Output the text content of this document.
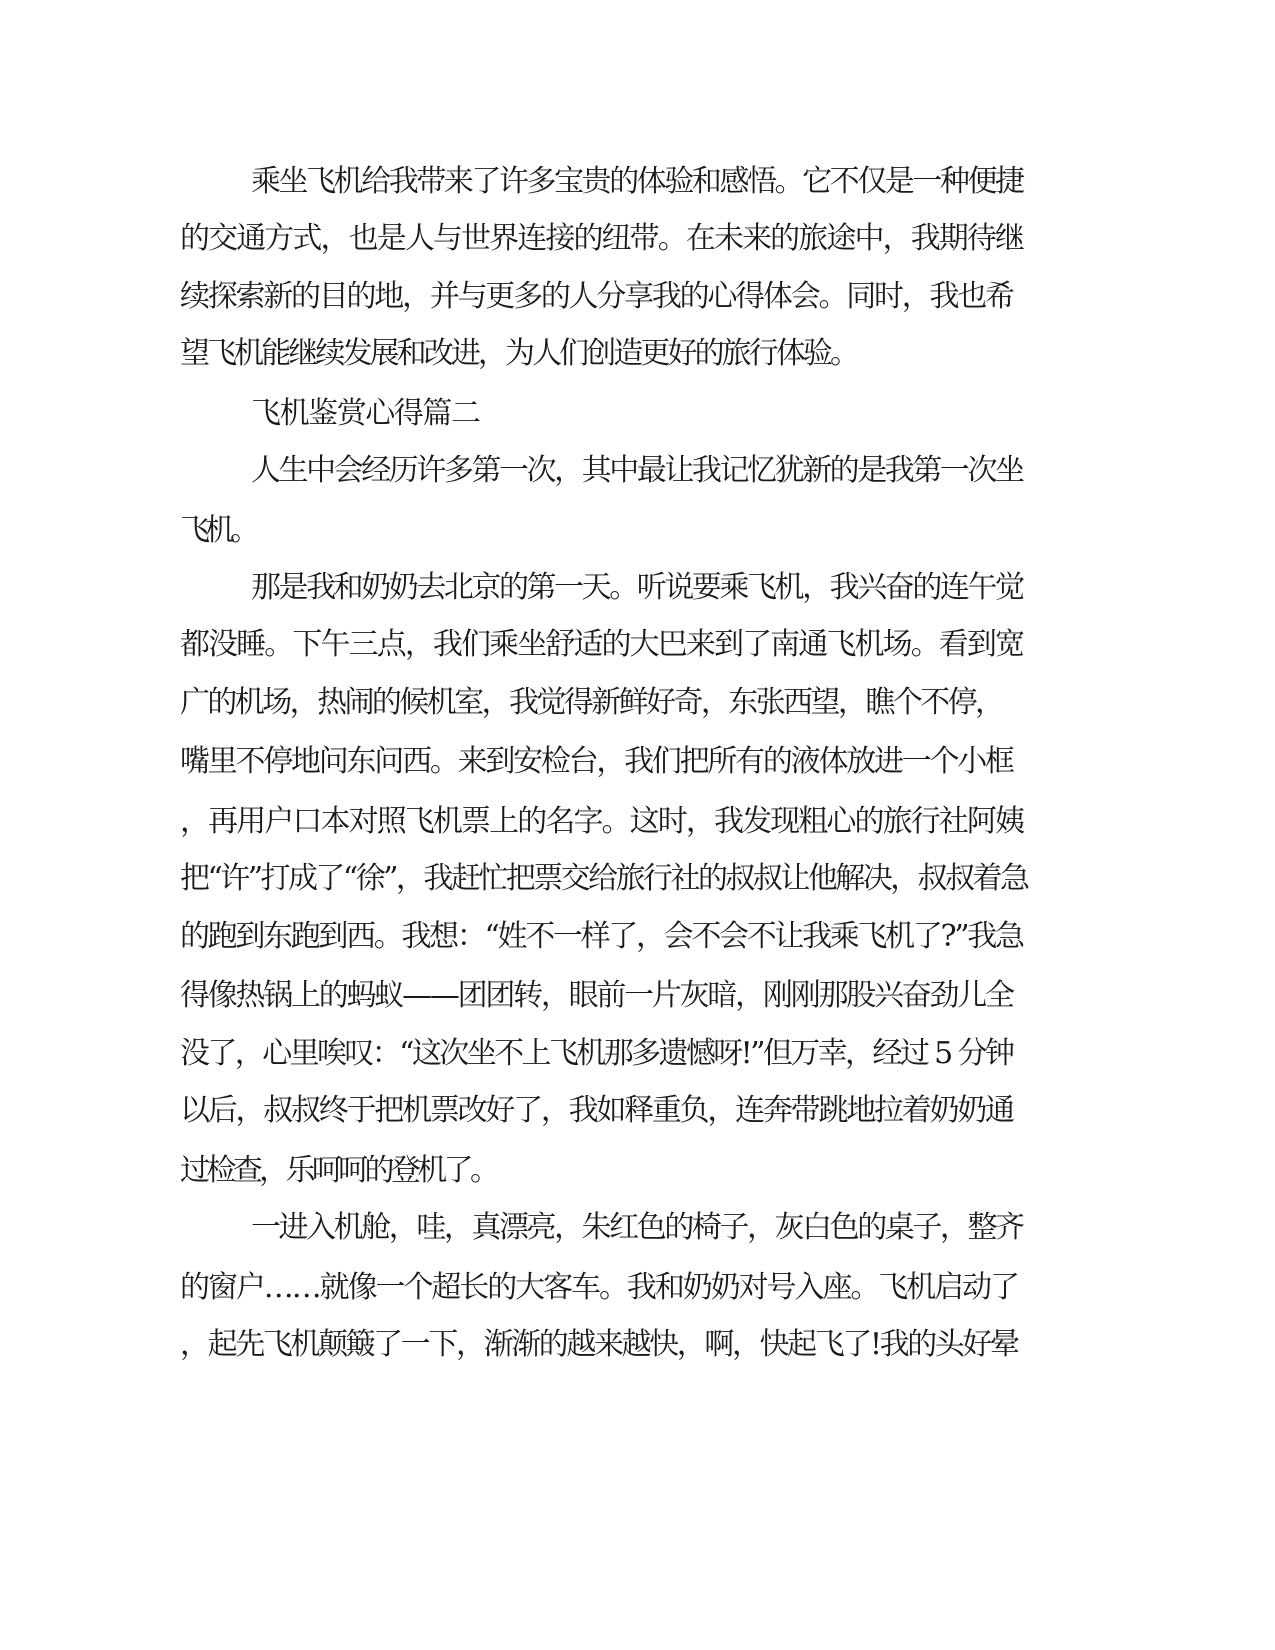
乘坐飞机给我带来了许多宝贵的体验和感悟。它不仅是一种便捷
的交通方式，也是人与世界连接的纽带。在未来的旅途中，我期待继
续探索新的目的地，并与更多的人分享我的心得体会。同时，我也希
望飞机能继续发展和改进，为人们创造更好的旅行体验。
飞机鉴赏心得篇二
人生中会经历许多第一次，其中最让我记忆犹新的是我第一次坐
飞机。
那是我和奶奶去北京的第一天。听说要乘飞机，我兴奋的连午觉
都没睡。下午三点，我们乘坐舒适的大巴来到了南通飞机场。看到宽
广的机场，热闹的候机室，我觉得新鲜好奇，东张西望，瞧个不停，
嘴里不停地问东问西。来到安检台，我们把所有的液体放进一个小框
，再用户口本对照飞机票上的名字。这时，我发现粗心的旅行社阿姨
把“许”打成了“徐”，我赶忙把票交给旅行社的叔叔让他解决，叔叔着急
的跑到东跑到西。我想：“姓不一样了，会不会不让我乘飞机了?”我急
得像热锅上的蚂蚁——团团转，眼前一片灰暗，刚刚那股兴奋劲儿全
没了，心里唉叹：“这次坐不上飞机那多遗憾呀!”但万幸，经过 5 分钟
以后，叔叔终于把机票改好了，我如释重负，连奔带跳地拉着奶奶通
过检查，乐呵呵的登机了。
一进入机舱，哇，真漂亮，朱红色的椅子，灰白色的桌子，整齐
的窗户……就像一个超长的大客车。我和奶奶对号入座。飞机启动了
，起先飞机颠簸了一下，渐渐的越来越快，啊，快起飞了!我的头好晕
